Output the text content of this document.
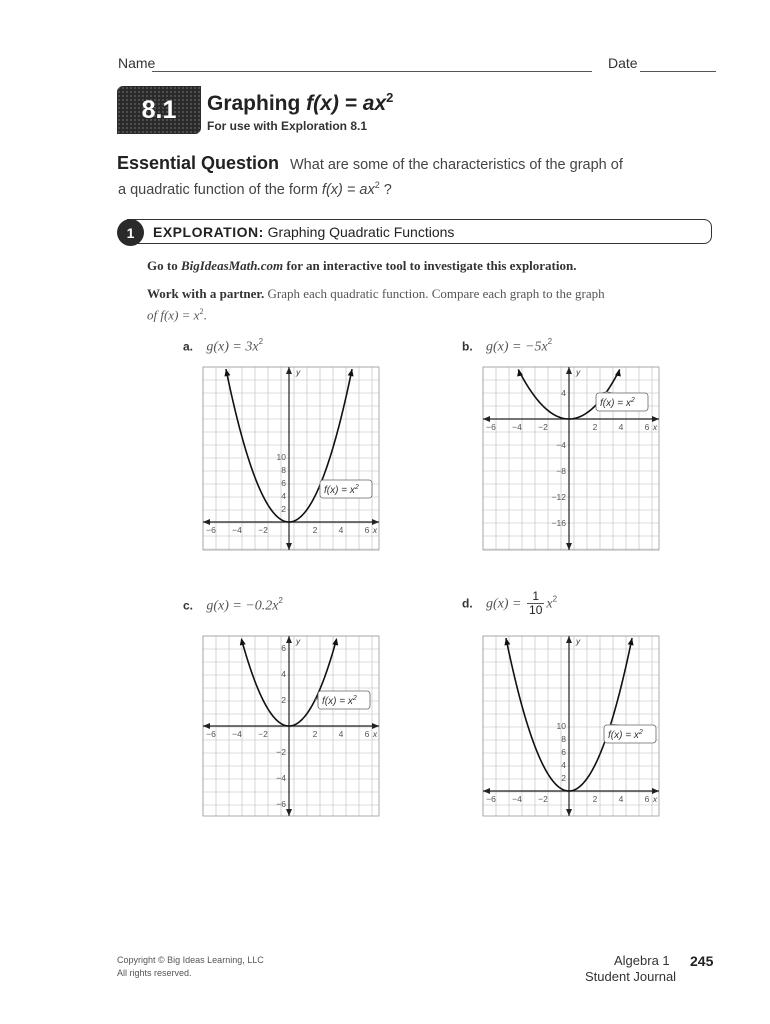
Name	Date
8.1	Graphing $f(x) = ax^2$
For use with Exploration 8.1
Essential Question What are some of the characteristics of the graph of
a quadratic function of the form $f(x) = ax^2$ ?
1	EXPLORATION: Graphing Quadratic Functions
Go to BigIdeasMath.com for an interactive tool to investigate this exploration.
Work with a partner. Graph each quadratic function. Compare each graph to the graph
of $f(x) = x^2$.
a. $g(x) = 3x^2$	b. $g(x) = -5x^2$
c. $g(x) = -0.2x^2$	d. $g(x) = \frac{1}{10} x^2$
−6 −4 −2	2	4	6 x
2
4
6
8
10
y
$f(x) = x^2$
−6 −4 −2	2	4	6 x
4
−4
−8
−12
−16
y
$f(x) = x^2$
−6 −4 −2	2	4	6 x
6
4
2
−2
−4
−6
y
$f(x) = x^2$
−6 −4 −2	2	4	6 x
10
8
6
4
2
y
$f(x) = x^2$
Copyright © Big Ideas Learning, LLC
All rights reserved.
Algebra 1 245
Student Journal
